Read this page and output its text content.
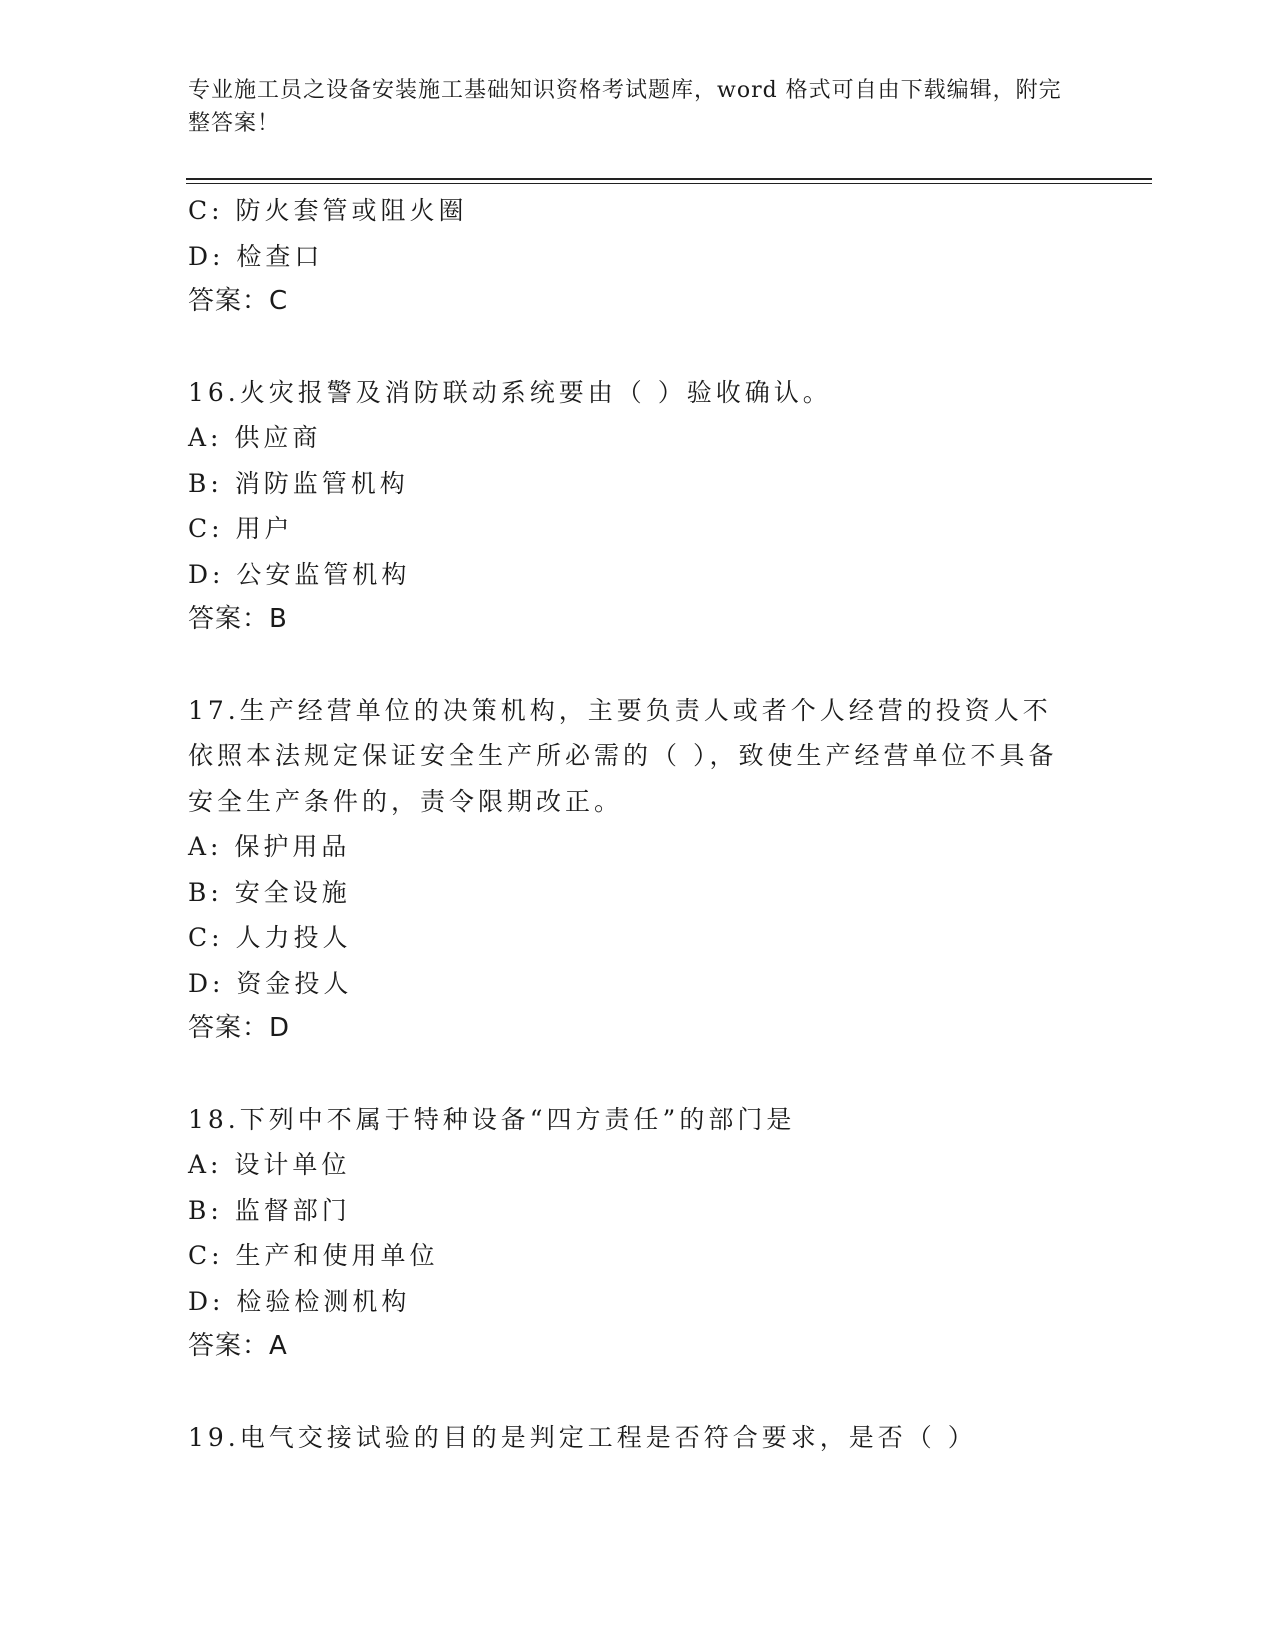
专业施工员之设备安装施工基础知识资格考试题库，word 格式可自由下载编辑，附完整答案！
C: 防火套管或阻火圈
D: 检查口
答案：C
16.火灾报警及消防联动系统要由（ ）验收确认。
A: 供应商
B: 消防监管机构
C: 用户
D: 公安监管机构
答案：B
17.生产经营单位的决策机构，主要负责人或者个人经营的投资人不依照本法规定保证安全生产所必需的（ ），致使生产经营单位不具备安全生产条件的，责令限期改正。
A: 保护用品
B: 安全设施
C: 人力投人
D: 资金投人
答案：D
18.下列中不属于特种设备“四方责任”的部门是
A: 设计单位
B: 监督部门
C: 生产和使用单位
D: 检验检测机构
答案：A
19.电气交接试验的目的是判定工程是否符合要求，是否（ ）
